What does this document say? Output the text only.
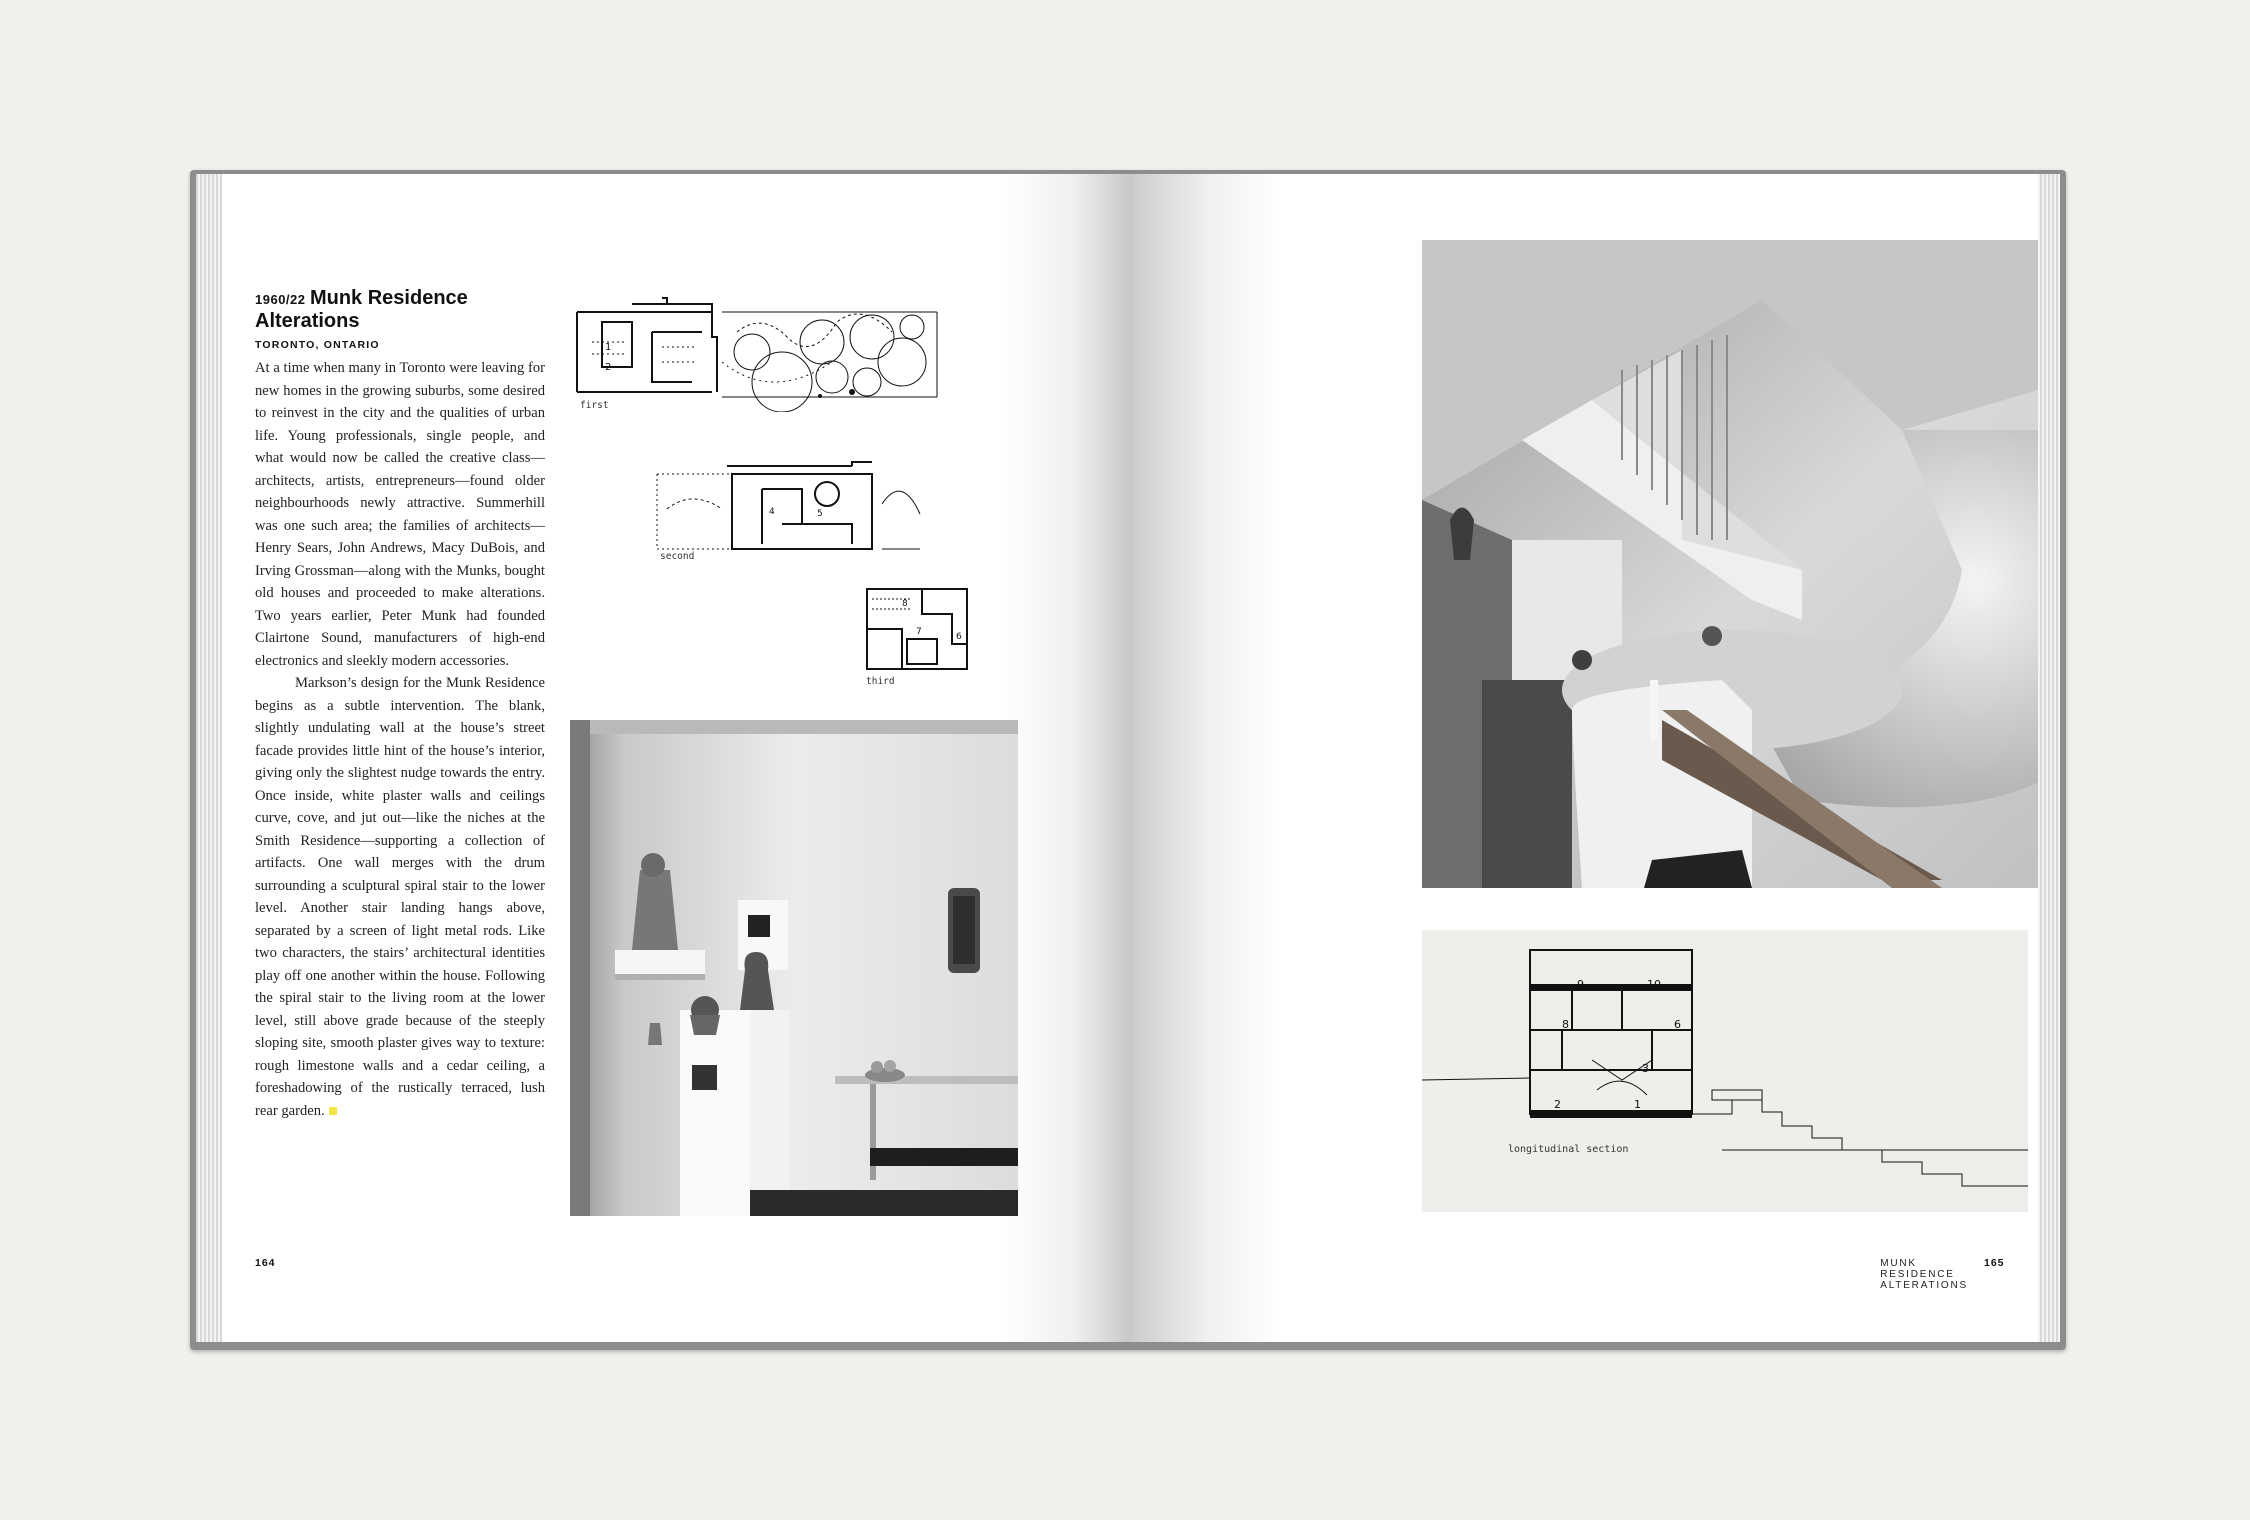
1960/22 Munk Residence Alterations
TORONTO, ONTARIO

At a time when many in Toronto were leaving for new homes in the growing suburbs, some desired to reinvest in the city and the qualities of urban life. Young professionals, single people, and what would now be called the creative class—architects, artists, entrepreneurs—found older neighbourhoods newly attractive. Summerhill was one such area; the families of architects—Henry Sears, John Andrews, Macy DuBois, and Irving Grossman—along with the Munks, bought old houses and proceeded to make alterations. Two years earlier, Peter Munk had founded Clairtone Sound, manufacturers of high-end electronics and sleekly modern accessories.

Markson’s design for the Munk Residence begins as a subtle intervention. The blank, slightly undulating wall at the house’s street facade provides little hint of the house’s interior, giving only the slightest nudge towards the entry. Once inside, white plaster walls and ceilings curve, cove, and jut out—like the niches at the Smith Residence—supporting a collection of artifacts. One wall merges with the drum surrounding a sculptural spiral stair to the lower level. Another stair landing hangs above, separated by a screen of light metal rods. Like two characters, the stairs’ architectural identities play off one another within the house. Following the spiral stair to the living room at the lower level, still above grade because of the steeply sloping site, smooth plaster gives way to texture: rough limestone walls and a cedar ceiling, a foreshadowing of the rustically terraced, lush rear garden.

1
2
first
4	5
second
8
7	6
third
164
9	10
8	6
3
2	1
longitudinal section
MUNK RESIDENCE ALTERATIONS
165
